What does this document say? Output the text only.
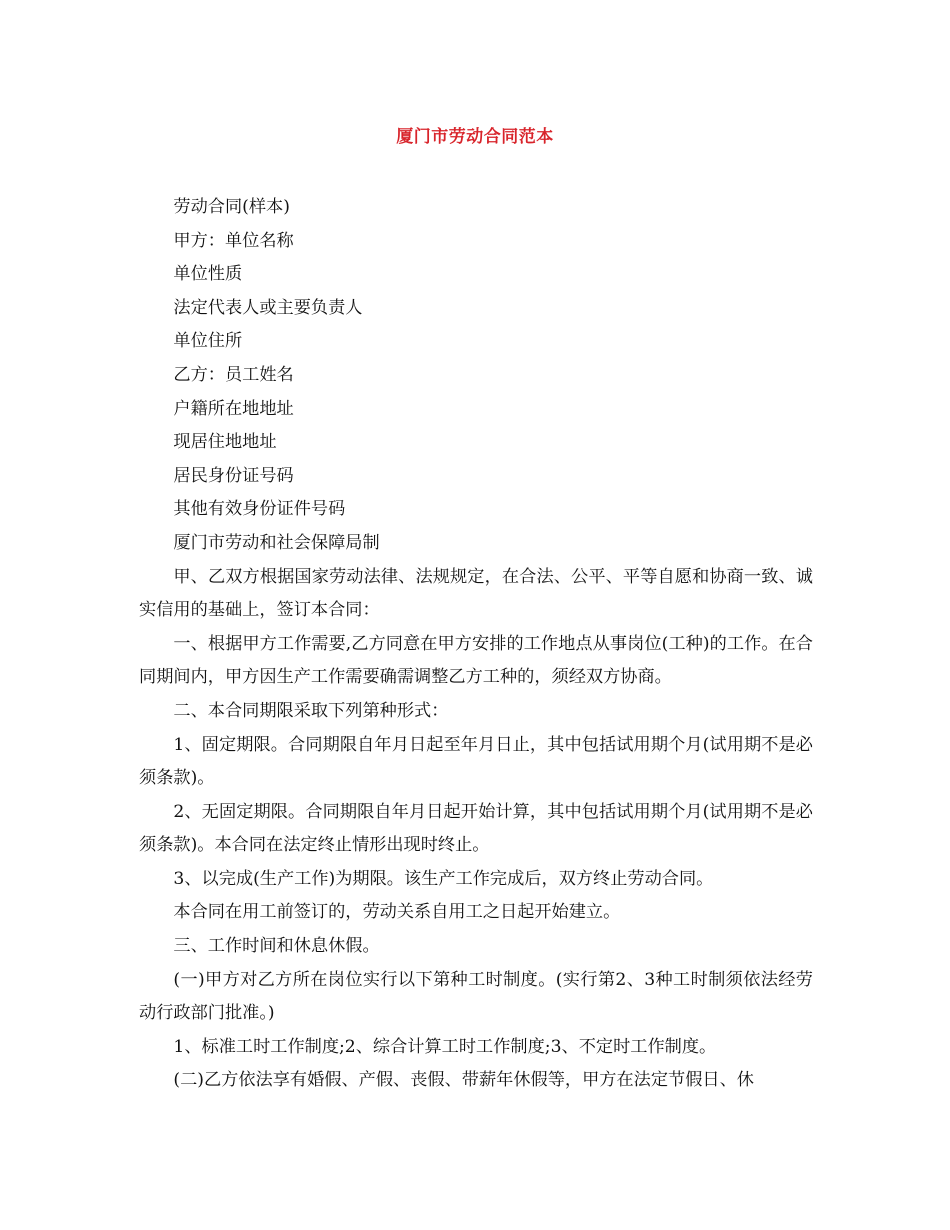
厦门市劳动合同范本

劳动合同(样本)

甲方：单位名称

单位性质

法定代表人或主要负责人

单位住所

乙方：员工姓名

户籍所在地地址

现居住地地址

居民身份证号码

其他有效身份证件号码

厦门市劳动和社会保障局制

甲、乙双方根据国家劳动法律、法规规定，在合法、公平、平等自愿和协商一致、诚实信用的基础上，签订本合同：

一、根据甲方工作需要,乙方同意在甲方安排的工作地点从事岗位(工种)的工作。在合同期间内，甲方因生产工作需要确需调整乙方工种的，须经双方协商。

二、本合同期限采取下列第种形式：

1、固定期限。合同期限自年月日起至年月日止，其中包括试用期个月(试用期不是必须条款)。

2、无固定期限。合同期限自年月日起开始计算，其中包括试用期个月(试用期不是必须条款)。本合同在法定终止情形出现时终止。

3、以完成(生产工作)为期限。该生产工作完成后，双方终止劳动合同。

本合同在用工前签订的，劳动关系自用工之日起开始建立。

三、工作时间和休息休假。

(一)甲方对乙方所在岗位实行以下第种工时制度。(实行第2、3种工时制须依法经劳动行政部门批准。)

1、标准工时工作制度;2、综合计算工时工作制度;3、不定时工作制度。

(二)乙方依法享有婚假、产假、丧假、带薪年休假等，甲方在法定节假日、休
